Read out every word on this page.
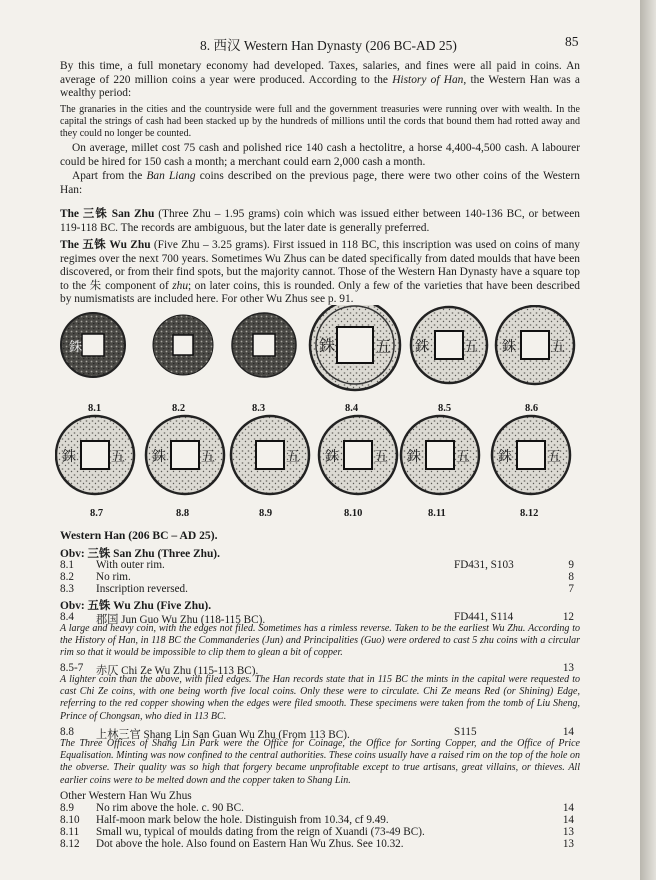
8. 西汉 Western Han Dynasty (206 BC-AD 25)	85
By this time, a full monetary economy had developed. Taxes, salaries, and fines were all paid in coins. An average of 220 million coins a year were produced. According to the History of Han, the Western Han was a wealthy period:
The granaries in the cities and the countryside were full and the government treasuries were running over with wealth. In the capital the strings of cash had been stacked up by the hundreds of millions until the cords that bound them had rotted away and they could no longer be counted.
On average, millet cost 75 cash and polished rice 140 cash a hectolitre, a horse 4,400-4,500 cash. A labourer could be hired for 150 cash a month; a merchant could earn 2,000 cash a month.
Apart from the Ban Liang coins described on the previous page, there were two other coins of the Western Han:
The 三铢 San Zhu (Three Zhu – 1.95 grams) coin which was issued either between 140-136 BC, or between 119-118 BC. The records are ambiguous, but the later date is generally preferred.
The 五铢 Wu Zhu (Five Zhu – 3.25 grams). First issued in 118 BC, this inscription was used on coins of many regimes over the next 700 years. Sometimes Wu Zhus can be dated specifically from dated moulds that have been discovered, or from their find spots, but the majority cannot. Those of the Western Han Dynasty have a square top to the 朱 component of zhu; on later coins, this is rounded. Only a few of the varieties that have been described by numismatists are included here. For other Wu Zhus see p. 91.
銖	銖 五 銖	五 銖	五
銖	五 銖	五	五 銖	五 銖	五 銖	五
8.1	8.2	8.3	8.4	8.5	8.6
8.7	8.8	8.9	8.10	8.11	8.12
Western Han (206 BC – AD 25).
Obv: 三铢 San Zhu (Three Zhu).
8.1 With outer rim.	FD431, S103	9
8.2 No rim.	8
8.3 Inscription reversed.	7
Obv: 五铢 Wu Zhu (Five Zhu).
8.4 郡国 Jun Guo Wu Zhu (118-115 BC).	FD441, S114	12
A large and heavy coin, with the edges not filed. Sometimes has a rimless reverse. Taken to be the earliest Wu Zhu. According to the History of Han, in 118 BC the Commanderies (Jun) and Principalities (Guo) were ordered to cast 5 zhu coins with a circular rim so that it would be impossible to clip them to glean a bit of copper.
8.5-7 赤仄 Chi Ze Wu Zhu (115-113 BC).	13
A lighter coin than the above, with filed edges. The Han records state that in 115 BC the mints in the capital were requested to cast Chi Ze coins, with one being worth five local coins. Only these were to circulate. Chi Ze means Red (or Shining) Edge, referring to the red copper showing when the edges were filed smooth. These specimens were taken from the tomb of Liu Sheng, Prince of Chongsan, who died in 113 BC.
8.8 上林三官 Shang Lin San Guan Wu Zhu (From 113 BC).	S115	14
The Three Offices of Shang Lin Park were the Office for Coinage, the Office for Sorting Copper, and the Office of Price Equalisation. Minting was now confined to the central authorities. These coins usually have a raised rim on the top of the hole on the obverse. Their quality was so high that forgery became unprofitable except to true artisans, great villains, or thieves. All earlier coins were to be melted down and the copper taken to Shang Lin.
Other Western Han Wu Zhus
8.9 No rim above the hole. c. 90 BC.	14
8.10 Half-moon mark below the hole. Distinguish from 10.34, cf 9.49.	14
8.11 Small wu, typical of moulds dating from the reign of Xuandi (73-49 BC).	13
8.12 Dot above the hole. Also found on Eastern Han Wu Zhus. See 10.32.	13
